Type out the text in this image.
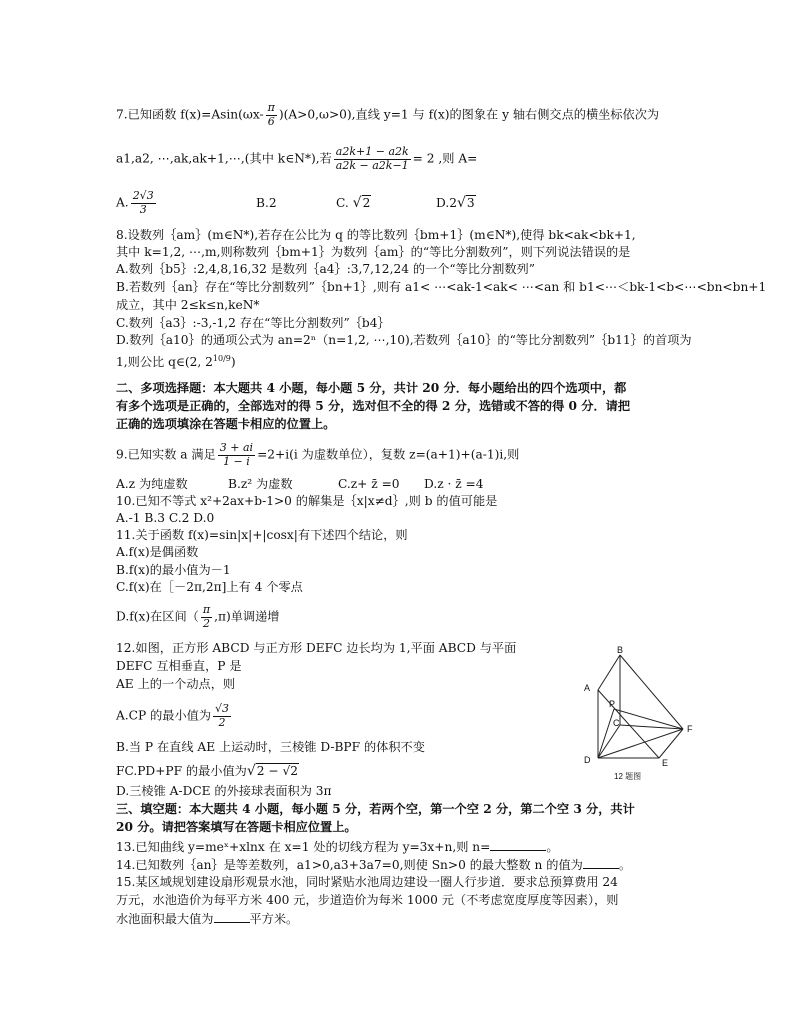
7.已知函数 $f(x)=Asin(\omega x- \frac{\pi}{6} )(A>0,\omega>0)$,直线 y=1 与 f(x)的图象在 y 轴右侧交点的横坐标依次为
a1,a2, ⋯,ak,ak+1,⋯,(其中 k∈N*),若 $\frac{a2k+1 - a2k}{a2k - a2k-1} = 2$ ,则 A=
A. $\frac{2√3}{3}$	B.2	C. √2	D.2√3
8.设数列｛am｝(m∈N*),若存在公比为 q 的等比数列｛bm+1｝(m∈N*),使得 bk<ak<bk+1,
其中 k=1,2, ⋯,m,则称数列｛bm+1｝为数列｛am｝的“等比分割数列”，则下列说法错误的是
A.数列｛b5｝:2,4,8,16,32 是数列｛a4｝:3,7,12,24 的一个“等比分割数列”
B.若数列｛an｝存在“等比分割数列”｛bn+1｝,则有 a1< ⋯<ak-1<ak< ⋯<an 和 b1<⋯＜bk-1<b<⋯<bn<bn+1
成立，其中 2≤k≤n,keN*
C.数列｛a3｝:-3,-1,2 存在“等比分割数列”｛b4｝
D.数列｛a10｝的通项公式为 an=2ⁿ（n=1,2, ⋯,10),若数列｛a10｝的“等比分割数列”｛b11｝的首项为
1,则公比 q∈(2, $2^{10/9}$)
二、多项选择题：本大题共 4 小题，每小题 5 分，共计 20 分．每小题给出的四个选项中，都
有多个选项是正确的，全部选对的得 5 分，选对但不全的得 2 分，选错或不答的得 0 分．请把
正确的选项填涂在答题卡相应的位置上。
9.已知实数 a 满足 $\frac{3 + ai}{1 - i} =2+i(i$ 为虚数单位），复数 z=(a+1)+(a-1)i,则
A.z 为纯虚数	B.z² 为虚数	C.z+ z̄ =0 D.z · z̄ =4
10.已知不等式 x²+2ax+b-1>0 的解集是｛x|x≠d｝,则 b 的值可能是
A.-1 B.3 C.2 D.0
11.关于函数 f(x)=sin|x|+|cosx|有下述四个结论，则
A.f(x)是偶函数
B.f(x)的最小值为－1
C.f(x)在［－2π,2π]上有 4 个零点
D.f(x)在区间（ $\frac{\pi}{2} ,\pi$)单调递增
12.如图，正方形 ABCD 与正方形 DEFC 边长均为 1,平面 ABCD 与平面
DEFC 互相垂直，P 是
AE 上的一个动点，则
A.CP 的最小值为 $\frac{√3}{2}$
B.当 P 在直线 AE 上运动时，三棱锥 D-BPF 的体积不变
FC.PD+PF 的最小值为√2 − √2
D.三棱锥 A-DCE 的外接球表面积为 3π
A
B
C
D	E
F
P
12 题图
三、填空题：本大题共 4 小题，每小题 5 分，若两个空，第一个空 2 分，第二个空 3 分，共计
20 分。请把答案填写在答题卡相应位置上。
13.已知曲线 y=meˣ+xlnx 在 x=1 处的切线方程为 y=3x+n,则 n=	。
14.已知数列｛an｝是等差数列，a1>0,a3+3a7=0,则使 Sn>0 的最大整数 n 的值为	。
15.某区域规划建设扇形观景水池，同时紧贴水池周边建设一圈人行步道．要求总预算费用 24
万元，水池造价为每平方米 400 元，步道造价为每米 1000 元（不考虑宽度厚度等因素），则
水池面积最大值为	平方米。
